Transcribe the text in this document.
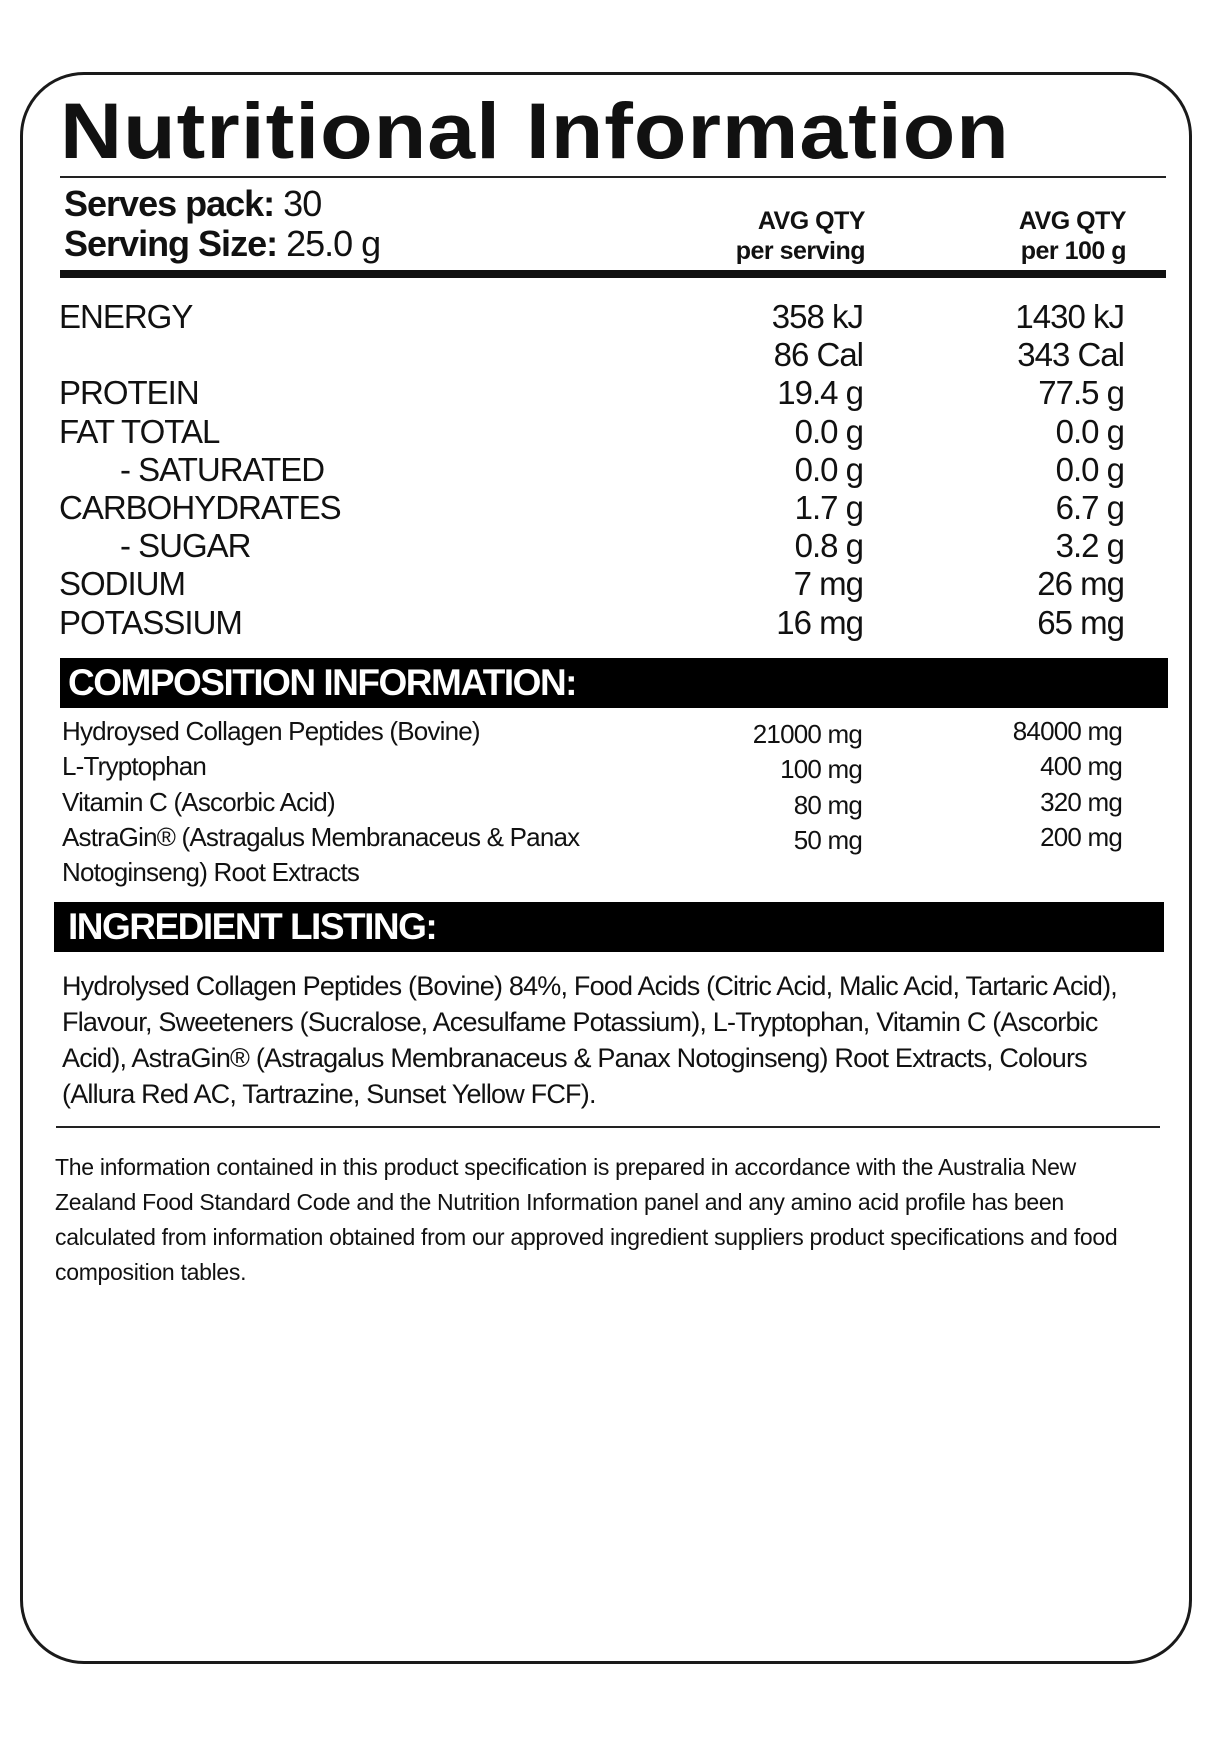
Nutritional Information
Serves pack: 30
Serving Size: 25.0 g
AVG QTY
per serving
AVG QTY
per 100 g
ENERGY	358 kJ	1430 kJ
86 Cal	343 Cal
PROTEIN	19.4 g	77.5 g
FAT TOTAL	0.0 g	0.0 g
- SATURATED	0.0 g	0.0 g
CARBOHYDRATES	1.7 g	6.7 g
- SUGAR	0.8 g	3.2 g
SODIUM	7 mg	26 mg
POTASSIUM	16 mg	65 mg
COMPOSITION INFORMATION:
Hydroysed Collagen Peptides (Bovine)	21000 mg	84000 mg
L-Tryptophan	100 mg	400 mg
Vitamin C (Ascorbic Acid)	80 mg	320 mg
AstraGin® (Astragalus Membranaceus & Panax	50 mg	200 mg
Notoginseng) Root Extracts
INGREDIENT LISTING:
Hydrolysed Collagen Peptides (Bovine) 84%, Food Acids (Citric Acid, Malic Acid, Tartaric Acid), Flavour, Sweeteners (Sucralose, Acesulfame Potassium), L-Tryptophan, Vitamin C (Ascorbic Acid), AstraGin® (Astragalus Membranaceus & Panax Notoginseng) Root Extracts, Colours (Allura Red AC, Tartrazine, Sunset Yellow FCF).
The information contained in this product specification is prepared in accordance with the Australia New Zealand Food Standard Code and the Nutrition Information panel and any amino acid profile has been calculated from information obtained from our approved ingredient suppliers product specifications and food composition tables.
